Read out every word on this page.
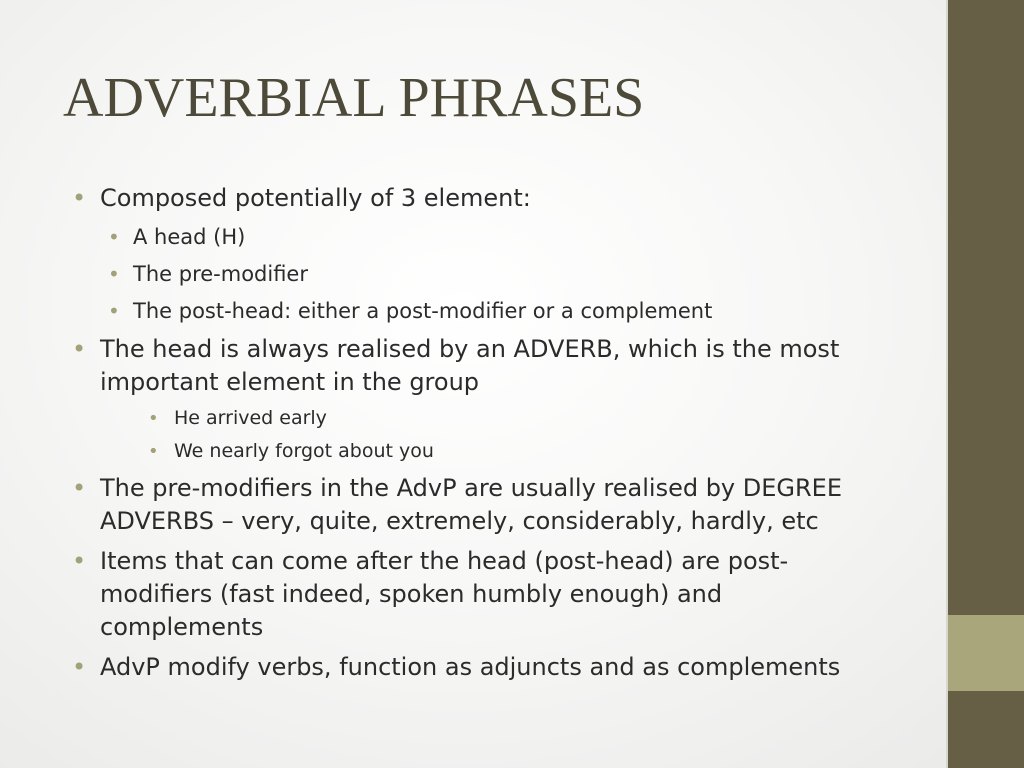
ADVERBIAL PHRASES
• Composed potentially of 3 element:
• A head (H)
• The pre-modifier
• The post-head: either a post-modifier or a complement
• The head is always realised by an ADVERB, which is the most important element in the group
• He arrived early
• We nearly forgot about you
• The pre-modifiers in the AdvP are usually realised by DEGREE ADVERBS – very, quite, extremely, considerably, hardly, etc
• Items that can come after the head (post-head) are post-modifiers (fast indeed, spoken humbly enough) and complements
• AdvP modify verbs, function as adjuncts and as complements
